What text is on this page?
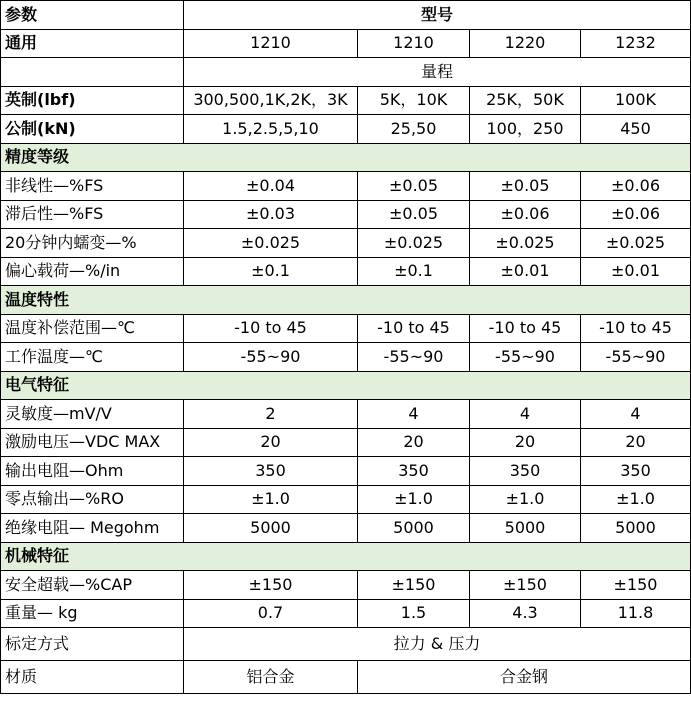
参数	型号			
通用	1210	1210	1220	1232
	量程			
英制(lbf)	300,500,1K,2K，3K	5K，10K	25K，50K	100K
公制(kN)	1.5,2.5,5,10	25,50	100，250	450
精度等级				
非线性—%FS	±0.04	±0.05	±0.05	±0.06
滞后性—%FS	±0.03	±0.05	±0.06	±0.06
20分钟内蠕变—%	±0.025	±0.025	±0.025	±0.025
偏心载荷—%/in	±0.1	±0.1	±0.01	±0.01
温度特性				
温度补偿范围—℃	-10 to 45	-10 to 45	-10 to 45	-10 to 45
工作温度—℃	-55~90	-55~90	-55~90	-55~90
电气特征				
灵敏度—mV/V	2	4	4	4
激励电压—VDC MAX	20	20	20	20
输出电阻—Ohm	350	350	350	350
零点输出—%RO	±1.0	±1.0	±1.0	±1.0
绝缘电阻— Megohm	5000	5000	5000	5000
机械特征				
安全超载—%CAP	±150	±150	±150	±150
重量— kg	0.7	1.5	4.3	11.8
标定方式	拉力 & 压力			
材质	铝合金	合金钢		
